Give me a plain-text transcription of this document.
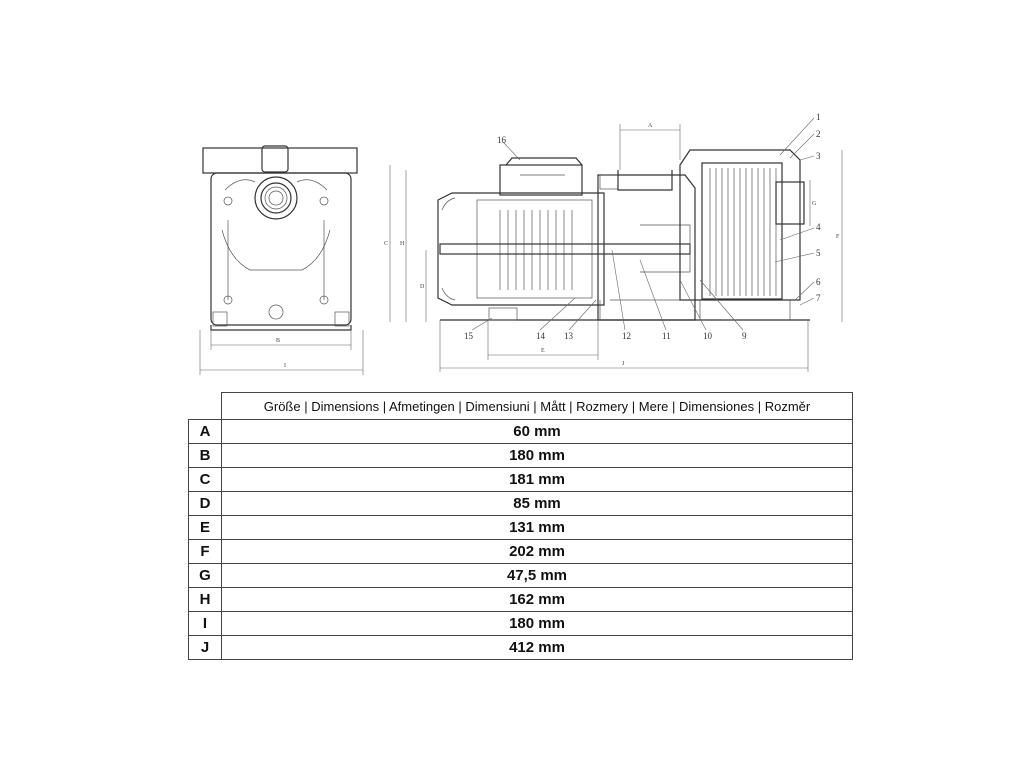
A
B
C
D
E
F
G
H
I	J
1
2
3
4
5
6
7
9
10
11
12
13
14
15
16
	Größe | Dimensions | Afmetingen | Dimensiuni | Mått | Rozmery | Mere | Dimensiones | Rozměr
A	60 mm
B	180 mm
C	181 mm
D	85 mm
E	131 mm
F	202 mm
G	47,5 mm
H	162 mm
I	180 mm
J	412 mm
